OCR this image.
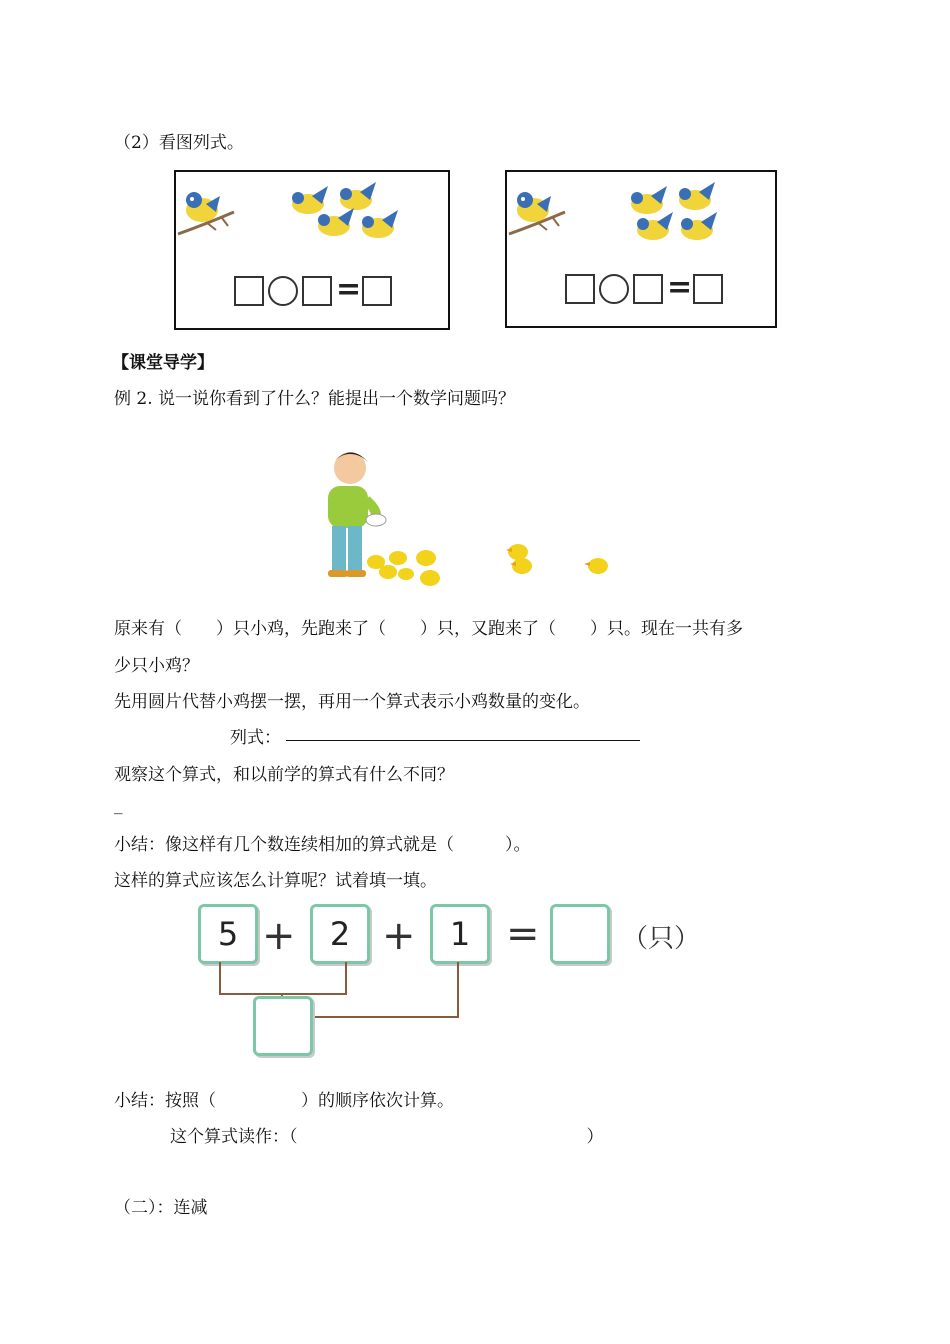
（2）看图列式。
=	=
【课堂导学】
例 2. 说一说你看到了什么？能提出一个数学问题吗？
原来有（　　）只小鸡，先跑来了（　　）只，又跑来了（　　）只。现在一共有多
少只小鸡？
先用圆片代替小鸡摆一摆，再用一个算式表示小鸡数量的变化。
列式：
观察这个算式，和以前学的算式有什么不同？
_
小结：像这样有几个数连续相加的算式就是（　　　）。
这样的算式应该怎么计算呢？试着填一填。
5 +	2 +	1 =	（只）
小结：按照（　　　　　）的顺序依次计算。
这个算式读作：（　　　　　　　　　　　　　　　　　）
（二）：连减
